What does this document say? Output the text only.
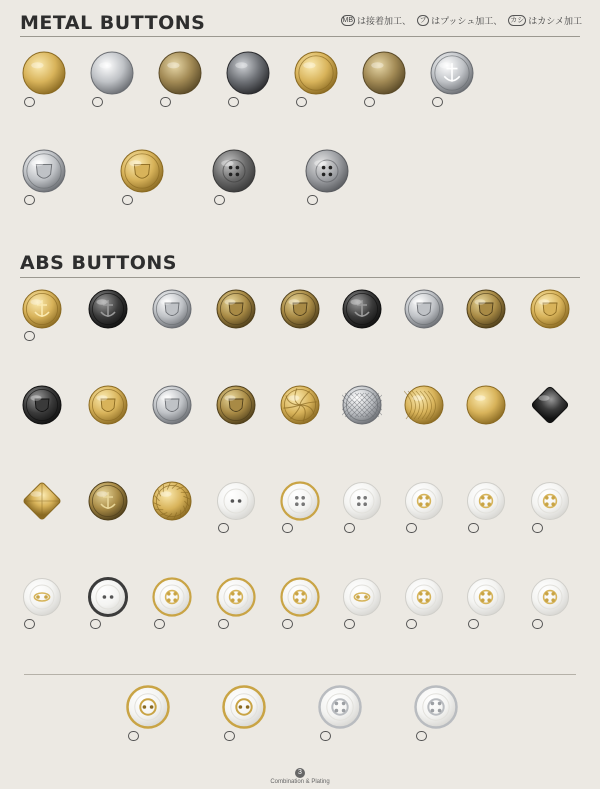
METAL BUTTONS	MB は接着加工、	プ はプッシュ加工、 カシ はカシメ加工
ABS BUTTONS
3
Combination & Plating
